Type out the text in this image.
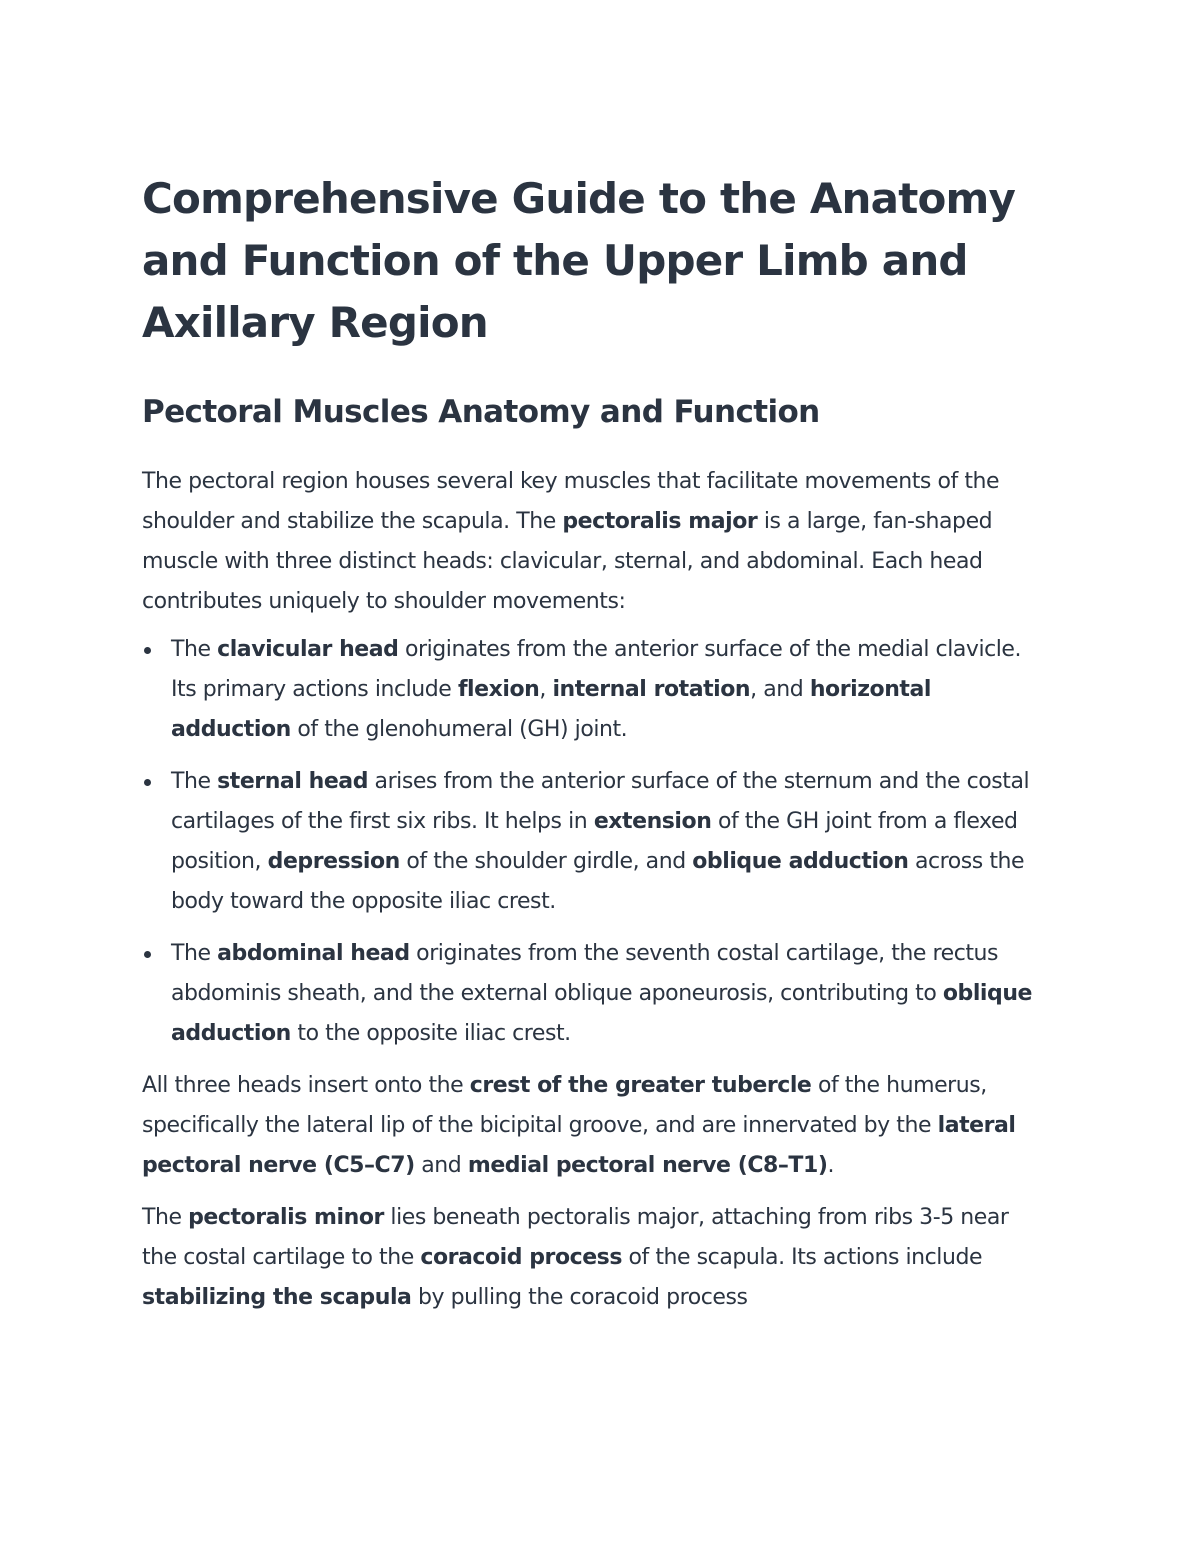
Comprehensive Guide to the Anatomy and Function of the Upper Limb and Axillary Region
Pectoral Muscles Anatomy and Function

The pectoral region houses several key muscles that facilitate movements of the shoulder and stabilize the scapula. The pectoralis major is a large, fan-shaped muscle with three distinct heads: clavicular, sternal, and abdominal. Each head contributes uniquely to shoulder movements:

The clavicular head originates from the anterior surface of the medial clavicle. Its primary actions include flexion, internal rotation, and horizontal adduction of the glenohumeral (GH) joint.
The sternal head arises from the anterior surface of the sternum and the costal cartilages of the first six ribs. It helps in extension of the GH joint from a flexed position, depression of the shoulder girdle, and oblique adduction across the body toward the opposite iliac crest.
The abdominal head originates from the seventh costal cartilage, the rectus abdominis sheath, and the external oblique aponeurosis, contributing to oblique adduction to the opposite iliac crest.

All three heads insert onto the crest of the greater tubercle of the humerus, specifically the lateral lip of the bicipital groove, and are innervated by the lateral pectoral nerve (C5–C7) and medial pectoral nerve (C8–T1).

The pectoralis minor lies beneath pectoralis major, attaching from ribs 3-5 near the costal cartilage to the coracoid process of the scapula. Its actions include stabilizing the scapula by pulling the coracoid process
